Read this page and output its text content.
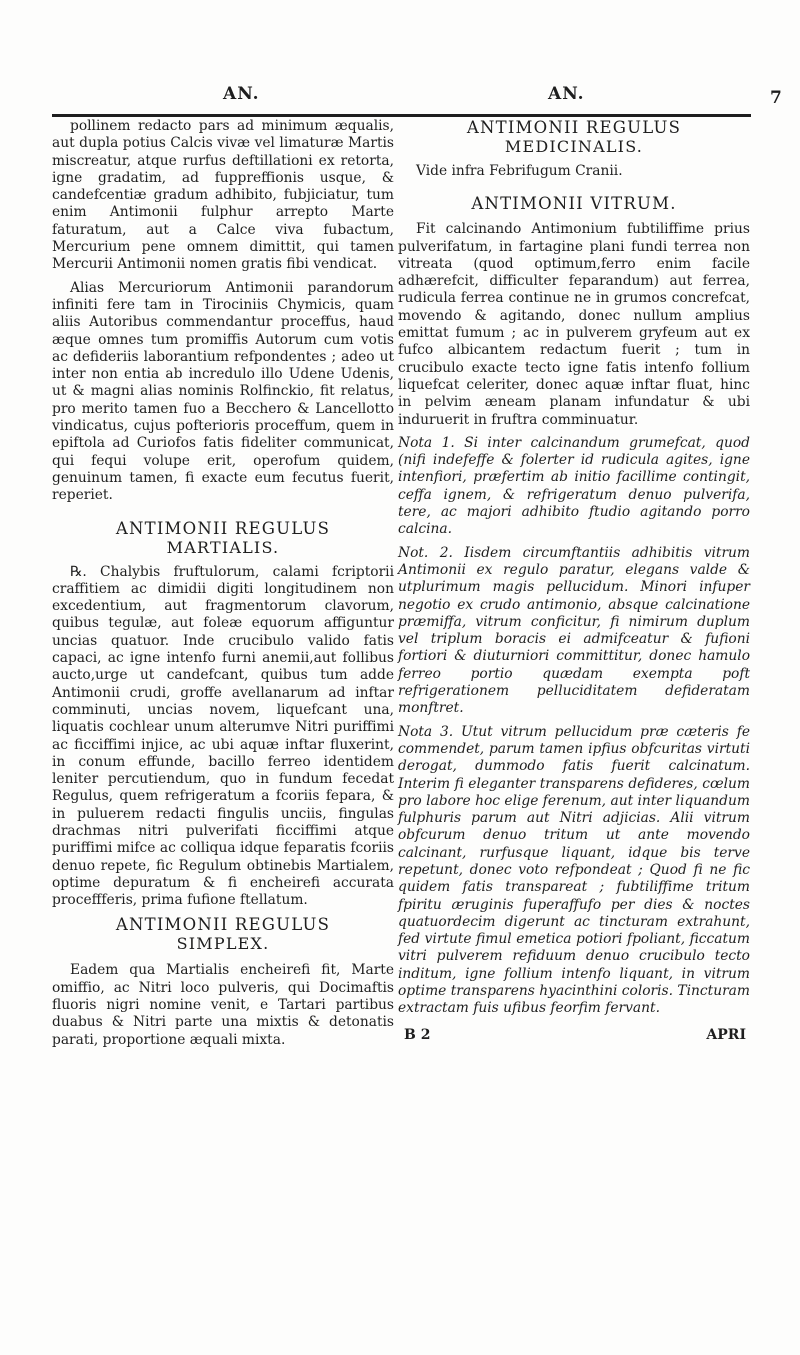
AN.	AN.	7

pollinem redacto pars ad minimum æqualis, aut dupla potius Calcis vivæ vel limaturæ Martis miscreatur, atque rurfus deftillationi ex retorta, igne gradatim, ad fuppreffionis usque, & candefcentiæ gradum adhibito, fubjiciatur, tum enim Antimonii fulphur arrepto Marte faturatum, aut a Calce viva fubactum, Mercurium pene omnem dimittit, qui tamen Mercurii Antimonii nomen gratis fibi vendicat.

Alias Mercuriorum Antimonii parandorum infiniti fere tam in Tirociniis Chymicis, quam aliis Autoribus commendantur proceffus, haud æque omnes tum promiffis Autorum cum votis ac defideriis laborantium refpondentes ; adeo ut inter non entia ab incredulo illo Udene Udenis, ut & magni alias nominis Rolfinckio, fit relatus, pro merito tamen fuo a Becchero & Lancellotto vindicatus, cujus pofterioris proceffum, quem in epiftola ad Curiofos fatis fideliter communicat, qui fequi volupe erit, operofum quidem, genuinum tamen, fi exacte eum fecutus fuerit, reperiet.

ANTIMONII REGULUS
MARTIALIS.

℞. Chalybis fruftulorum, calami fcriptorii craffitiem ac dimidii digiti longitudinem non excedentium, aut fragmentorum clavorum, quibus tegulæ, aut foleæ equorum affiguntur uncias quatuor. Inde crucibulo valido fatis capaci, ac igne intenfo furni anemii,aut follibus aucto,urge ut candefcant, quibus tum adde Antimonii crudi, groffe avellanarum ad inftar comminuti, uncias novem, liquefcant una, liquatis cochlear unum alterumve Nitri puriffimi ac ficciffimi injice, ac ubi aquæ inftar fluxerint, in conum effunde, bacillo ferreo identidem leniter percutiendum, quo in fundum fecedat Regulus, quem refrigeratum a fcoriis feparа, & in puluerem redacti fingulis unciis, fingulas drachmas nitri pulverifati ficciffimi atque puriffimi mifce ac colliqua idque feparatis fcoriis denuo repete, fic Regulum obtinebis Martialem, optime depuratum & fi encheirefi accurata proceffferis, prima fufione ftellatum.

ANTIMONII REGULUS
SIMPLEX.

Eadem qua Martialis encheirefi fit, Marte omiffio, ac Nitri loco pulveris, qui Docimaftis fluoris nigri nomine venit, e Tartari partibus duabus & Nitri parte una mixtis & detonatis parati, proportione æquali mixta.

ANTIMONII REGULUS
MEDICINALIS.

Vide infra Febrifugum Cranii.

ANTIMONII VITRUM.

Fit calcinando Antimonium fubtiliffime prius pulverifatum, in fartagine plani fundi terrea non vitreata (quod optimum,ferro enim facile adhærefcit, difficulter feparandum) aut ferrea, rudicula ferrea continue ne in grumos concrefcat, movendo & agitando, donec nullum amplius emittat fumum ; ac in pulverem gryfeum aut ex fufco albicantem redactum fuerit ; tum in crucibulo exacte tecto igne fatis intenfo follium liquefcat celeriter, donec aquæ inftar fluat, hinc in pelvim æneam planam infundatur & ubi induruerit in fruftra comminuatur.

Nota 1. Si inter calcinandum grumefcat, quod (nifi indefeffe & folerter id rudicula agites, igne intenfiori, præfertim ab initio facillime contingit, ceffa ignem, & refrigeratum denuo pulverifa, tere, ac majori adhibito ftudio agitando porro calcina.

Not. 2. Iisdem circumftantiis adhibitis vitrum Antimonii ex regulo paratur, elegans valde & utplurimum magis pellucidum. Minori infuper negotio ex crudo antimonio, absque calcinatione præmiffa, vitrum conficitur, fi nimirum duplum vel triplum boracis ei admifceatur & fufioni fortiori & diuturniori committitur, donec hamulo ferreo portio quædam exempta poft refrigerationem pelluciditatem defideratam monftret.

Nota 3. Utut vitrum pellucidum præ cæteris fe commendet, parum tamen ipfius obfcuritas virtuti derogat, dummodo fatis fuerit calcinatum. Interim fi eleganter transparens defideres, cœlum pro labore hoc elige ferenum, aut inter liquandum fulphuris parum aut Nitri adjicias. Alii vitrum obfcurum denuo tritum ut ante movendo calcinant, rurfusque liquant, idque bis terve repetunt, donec voto refpondeat ; Quod fi ne fic quidem fatis transpareat ; fubtiliffime tritum fpiritu æruginis fuperaffufo per dies & noctes quatuordecim digerunt ac tincturam extrahunt, fed virtute fimul emetica potiori fpoliant, ficcatum vitri pulverem refiduum denuo crucibulo tecto inditum, igne follium intenfo liquant, in vitrum optime transparens hyacinthini coloris. Tincturam extractam fuis ufibus feorfim fervant.

B 2	APRI
